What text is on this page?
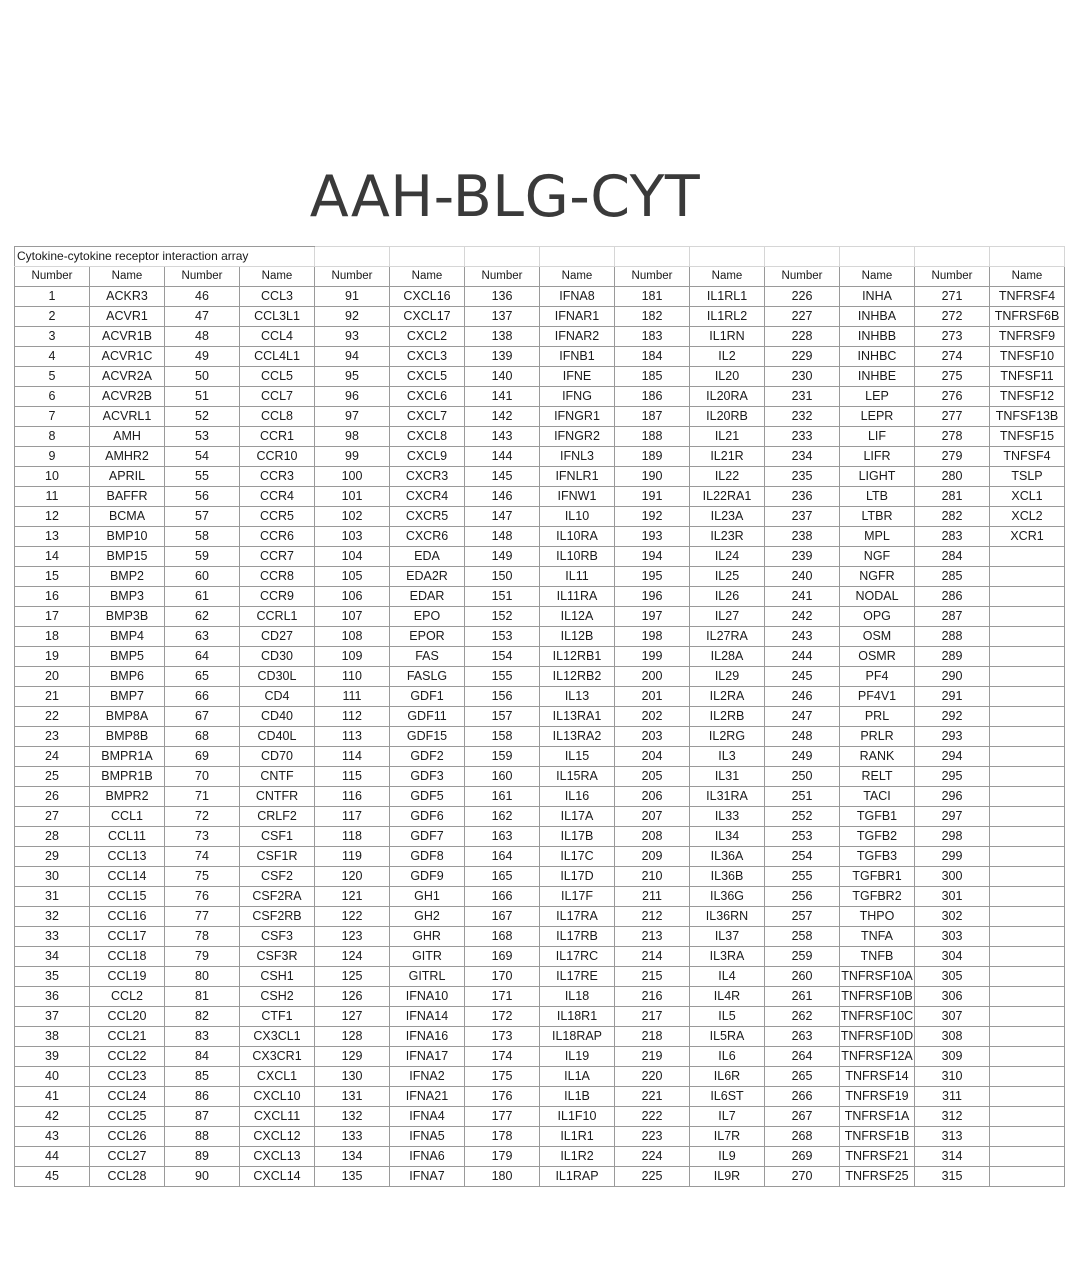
AAH-BLG-CYT
Cytokine-cytokine receptor interaction array													
Number	Name	Number	Name	Number	Name	Number	Name	Number	Name	Number	Name	Number	Name
1	ACKR3	46	CCL3	91	CXCL16	136	IFNA8	181	IL1RL1	226	INHA	271	TNFRSF4
2	ACVR1	47	CCL3L1	92	CXCL17	137	IFNAR1	182	IL1RL2	227	INHBA	272	TNFRSF6B
3	ACVR1B	48	CCL4	93	CXCL2	138	IFNAR2	183	IL1RN	228	INHBB	273	TNFRSF9
4	ACVR1C	49	CCL4L1	94	CXCL3	139	IFNB1	184	IL2	229	INHBC	274	TNFSF10
5	ACVR2A	50	CCL5	95	CXCL5	140	IFNE	185	IL20	230	INHBE	275	TNFSF11
6	ACVR2B	51	CCL7	96	CXCL6	141	IFNG	186	IL20RA	231	LEP	276	TNFSF12
7	ACVRL1	52	CCL8	97	CXCL7	142	IFNGR1	187	IL20RB	232	LEPR	277	TNFSF13B
8	AMH	53	CCR1	98	CXCL8	143	IFNGR2	188	IL21	233	LIF	278	TNFSF15
9	AMHR2	54	CCR10	99	CXCL9	144	IFNL3	189	IL21R	234	LIFR	279	TNFSF4
10	APRIL	55	CCR3	100	CXCR3	145	IFNLR1	190	IL22	235	LIGHT	280	TSLP
11	BAFFR	56	CCR4	101	CXCR4	146	IFNW1	191	IL22RA1	236	LTB	281	XCL1
12	BCMA	57	CCR5	102	CXCR5	147	IL10	192	IL23A	237	LTBR	282	XCL2
13	BMP10	58	CCR6	103	CXCR6	148	IL10RA	193	IL23R	238	MPL	283	XCR1
14	BMP15	59	CCR7	104	EDA	149	IL10RB	194	IL24	239	NGF	284	
15	BMP2	60	CCR8	105	EDA2R	150	IL11	195	IL25	240	NGFR	285	
16	BMP3	61	CCR9	106	EDAR	151	IL11RA	196	IL26	241	NODAL	286	
17	BMP3B	62	CCRL1	107	EPO	152	IL12A	197	IL27	242	OPG	287	
18	BMP4	63	CD27	108	EPOR	153	IL12B	198	IL27RA	243	OSM	288	
19	BMP5	64	CD30	109	FAS	154	IL12RB1	199	IL28A	244	OSMR	289	
20	BMP6	65	CD30L	110	FASLG	155	IL12RB2	200	IL29	245	PF4	290	
21	BMP7	66	CD4	111	GDF1	156	IL13	201	IL2RA	246	PF4V1	291	
22	BMP8A	67	CD40	112	GDF11	157	IL13RA1	202	IL2RB	247	PRL	292	
23	BMP8B	68	CD40L	113	GDF15	158	IL13RA2	203	IL2RG	248	PRLR	293	
24	BMPR1A	69	CD70	114	GDF2	159	IL15	204	IL3	249	RANK	294	
25	BMPR1B	70	CNTF	115	GDF3	160	IL15RA	205	IL31	250	RELT	295	
26	BMPR2	71	CNTFR	116	GDF5	161	IL16	206	IL31RA	251	TACI	296	
27	CCL1	72	CRLF2	117	GDF6	162	IL17A	207	IL33	252	TGFB1	297	
28	CCL11	73	CSF1	118	GDF7	163	IL17B	208	IL34	253	TGFB2	298	
29	CCL13	74	CSF1R	119	GDF8	164	IL17C	209	IL36A	254	TGFB3	299	
30	CCL14	75	CSF2	120	GDF9	165	IL17D	210	IL36B	255	TGFBR1	300	
31	CCL15	76	CSF2RA	121	GH1	166	IL17F	211	IL36G	256	TGFBR2	301	
32	CCL16	77	CSF2RB	122	GH2	167	IL17RA	212	IL36RN	257	THPO	302	
33	CCL17	78	CSF3	123	GHR	168	IL17RB	213	IL37	258	TNFA	303	
34	CCL18	79	CSF3R	124	GITR	169	IL17RC	214	IL3RA	259	TNFB	304	
35	CCL19	80	CSH1	125	GITRL	170	IL17RE	215	IL4	260	TNFRSF10A	305	
36	CCL2	81	CSH2	126	IFNA10	171	IL18	216	IL4R	261	TNFRSF10B	306	
37	CCL20	82	CTF1	127	IFNA14	172	IL18R1	217	IL5	262	TNFRSF10C	307	
38	CCL21	83	CX3CL1	128	IFNA16	173	IL18RAP	218	IL5RA	263	TNFRSF10D	308	
39	CCL22	84	CX3CR1	129	IFNA17	174	IL19	219	IL6	264	TNFRSF12A	309	
40	CCL23	85	CXCL1	130	IFNA2	175	IL1A	220	IL6R	265	TNFRSF14	310	
41	CCL24	86	CXCL10	131	IFNA21	176	IL1B	221	IL6ST	266	TNFRSF19	311	
42	CCL25	87	CXCL11	132	IFNA4	177	IL1F10	222	IL7	267	TNFRSF1A	312	
43	CCL26	88	CXCL12	133	IFNA5	178	IL1R1	223	IL7R	268	TNFRSF1B	313	
44	CCL27	89	CXCL13	134	IFNA6	179	IL1R2	224	IL9	269	TNFRSF21	314	
45	CCL28	90	CXCL14	135	IFNA7	180	IL1RAP	225	IL9R	270	TNFRSF25	315	
